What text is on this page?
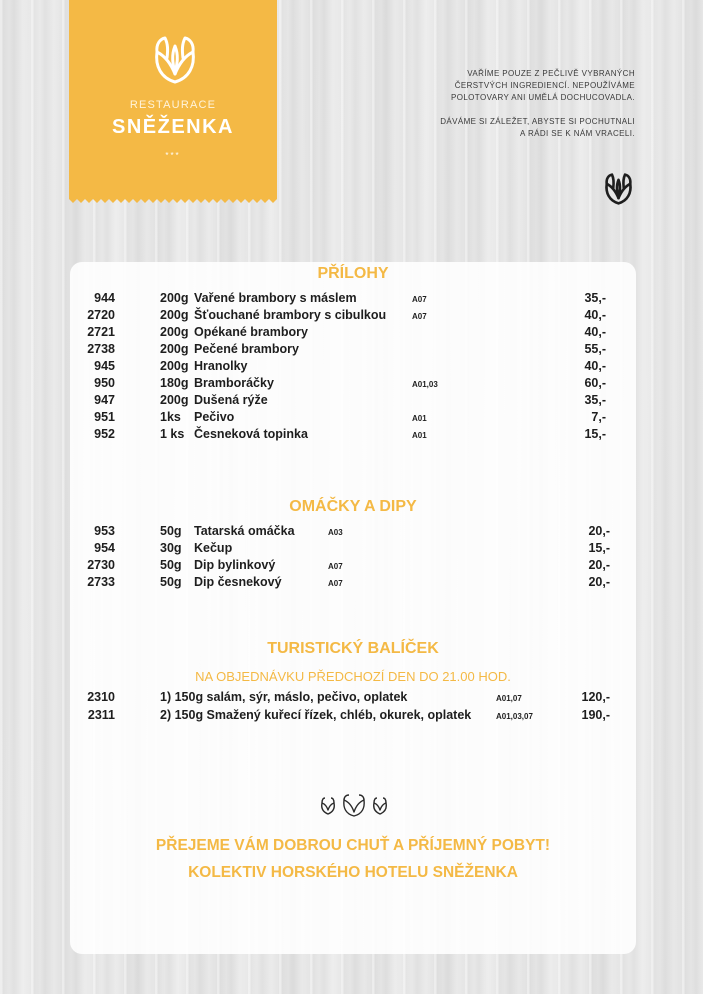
RESTAURACE
SNĚŽENKA
***
VAŘÍME POUZE Z PEČLIVĚ VYBRANÝCH
ČERSTVÝCH INGREDIENCÍ. NEPOUŽÍVÁME
POLOTOVARY ANI UMĚLÁ DOCHUCOVADLA.
DÁVÁME SI ZÁLEŽET, ABYSTE SI POCHUTNALI
A RÁDI SE K NÁM VRACELI.
PŘÍLOHY
944	200g Vařené brambory s máslem	A07	35,-
2720	200g Šťouchané brambory s cibulkou	A07	40,-
2721	200g Opékané brambory	40,-
2738	200g Pečené brambory	55,-
945	200g Hranolky	40,-
950	180g Bramboráčky	A01,03	60,-
947	200g Dušená rýže	35,-
951	1ks Pečivo	A01	7,-
952	1 ks Česneková topinka	A01	15,-
OMÁČKY A DIPY
953	50g Tatarská omáčka	A03	20,-
954	30g Kečup	15,-
2730	50g Dip bylinkový	A07	20,-
2733	50g Dip česnekový	A07	20,-
TURISTICKÝ BALÍČEK
NA OBJEDNÁVKU PŘEDCHOZÍ DEN DO 21.00 HOD.
2310	1) 150g salám, sýr, máslo, pečivo, oplatek	A01,07	120,-
2311	2) 150g Smažený kuřecí řízek, chléb, okurek, oplatek	A01,03,07	190,-
PŘEJEME VÁM DOBROU CHUŤ A PŘÍJEMNÝ POBYT!
KOLEKTIV HORSKÉHO HOTELU SNĚŽENKA
